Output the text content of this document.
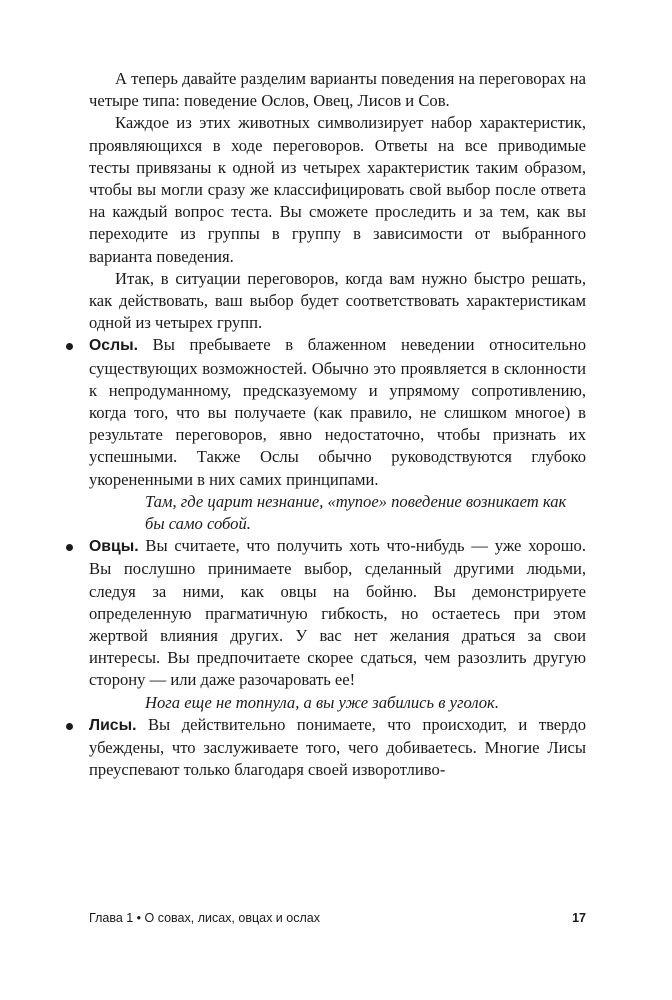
А теперь давайте разделим варианты поведения на переговорах на четыре типа: поведение Ослов, Овец, Лисов и Сов.

Каждое из этих животных символизирует набор характеристик, проявляющихся в ходе переговоров. Ответы на все приводимые тесты привязаны к одной из четырех характеристик таким образом, чтобы вы могли сразу же классифицировать свой выбор после ответа на каждый вопрос теста. Вы сможете проследить и за тем, как вы переходите из группы в группу в зависимости от выбранного варианта поведения.

Итак, в ситуации переговоров, когда вам нужно быстро решать, как действовать, ваш выбор будет соответствовать характеристикам одной из четырех групп.

Ослы. Вы пребываете в блаженном неведении относительно существующих возможностей. Обычно это проявляется в склонности к непродуманному, предсказуемому и упрямому сопротивлению, когда того, что вы получаете (как правило, не слишком многое) в результате переговоров, явно недостаточно, чтобы признать их успешными. Также Ослы обычно руководствуются глубоко укорененными в них самих принципами.

Там, где царит незнание, «тупое» поведение возникает как бы само собой.

Овцы. Вы считаете, что получить хоть что-нибудь — уже хорошо. Вы послушно принимаете выбор, сделанный другими людьми, следуя за ними, как овцы на бойню. Вы демонстрируете определенную прагматичную гибкость, но остаетесь при этом жертвой влияния других. У вас нет желания драться за свои интересы. Вы предпочитаете скорее сдаться, чем разозлить другую сторону — или даже разочаровать ее!

Нога еще не топнула, а вы уже забились в уголок.

Лисы. Вы действительно понимаете, что происходит, и твердо убеждены, что заслуживаете того, чего добиваетесь. Многие Лисы преуспевают только благодаря своей изворотливо-

Глава 1 • О совах, лисах, овцах и ослах	17
